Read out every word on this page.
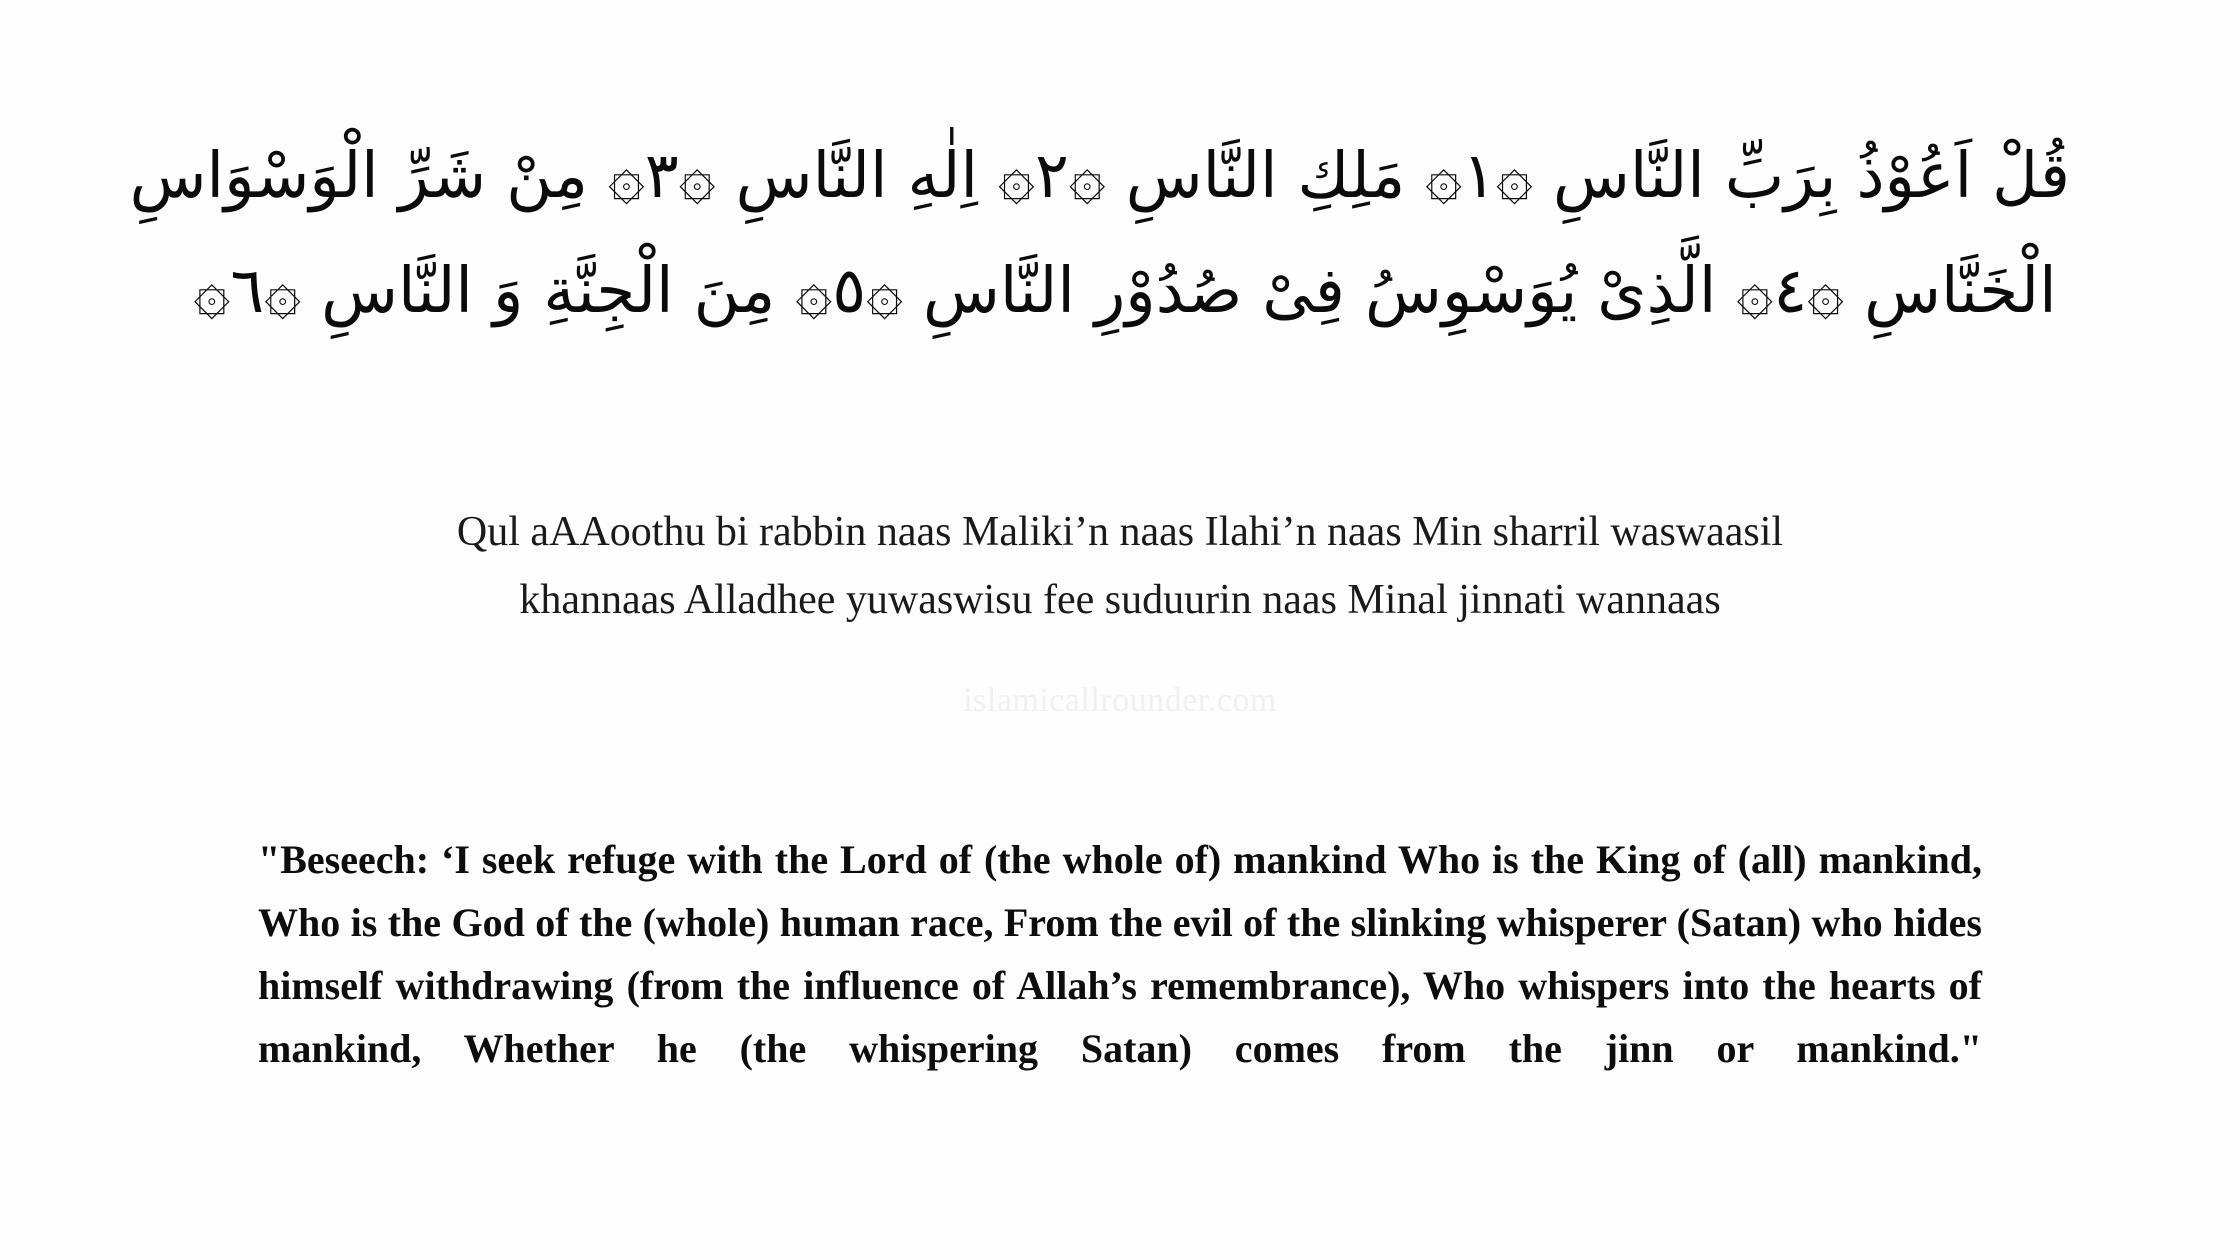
قُلْ اَعُوْذُ بِرَبِّ النَّاسِ ۞١۞ مَلِكِ النَّاسِ ۞٢۞ اِلٰهِ النَّاسِ ۞٣۞ مِنْ شَرِّ الْوَسْوَاسِ
الْخَنَّاسِ ۞٤۞ الَّذِىْ يُوَسْوِسُ فِىْ صُدُوْرِ النَّاسِ ۞٥۞ مِنَ الْجِنَّةِ وَ النَّاسِ ۞٦۞
Qul aAAoothu bi rabbin naas Maliki’n naas Ilahi’n naas Min sharril waswaasil
khannaas Alladhee yuwaswisu fee suduurin naas Minal jinnati wannaas
islamicallrounder.com

"Beseech: ‘I seek refuge with the Lord of (the whole of) mankind Who is the King of (all) mankind, Who is the God of the (whole) human race, From the evil of the slinking whisperer (Satan) who hides himself withdrawing (from the influence of Allah’s remembrance), Who whispers into the hearts of mankind, Whether he (the whispering Satan) comes from the jinn or mankind."
